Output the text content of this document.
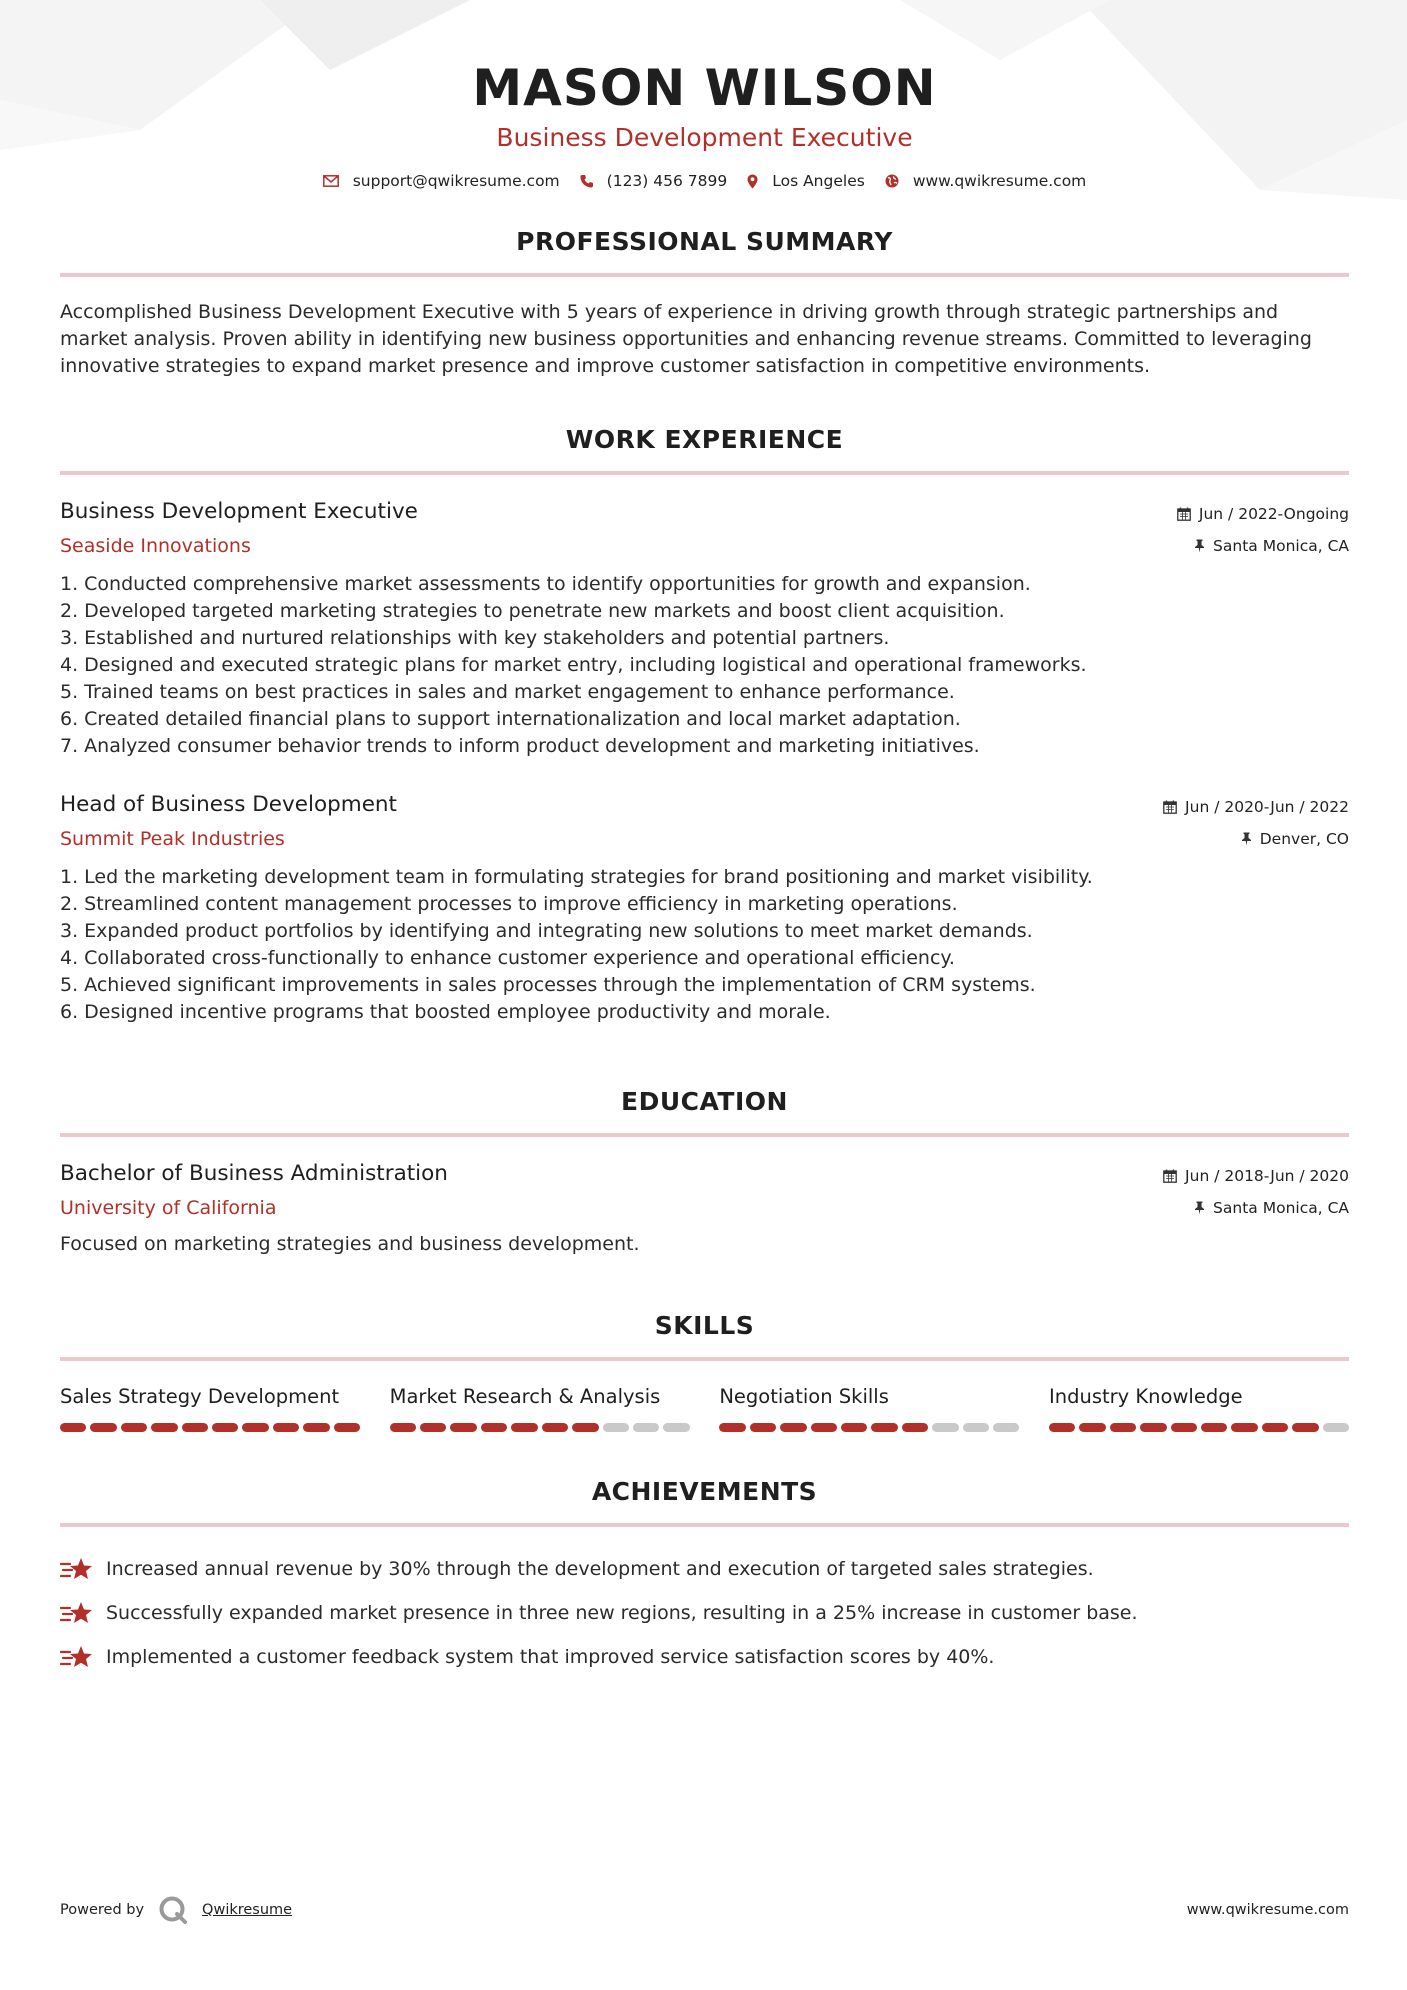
MASON WILSON
Business Development Executive
support@qwikresume.com	(123) 456 7899	Los Angeles	www.qwikresume.com
PROFESSIONAL SUMMARY

Accomplished Business Development Executive with 5 years of experience in driving growth through strategic partnerships and market analysis. Proven ability in identifying new business opportunities and enhancing revenue streams. Committed to leveraging innovative strategies to expand market presence and improve customer satisfaction in competitive environments.

WORK EXPERIENCE
Business Development Executive
Seaside Innovations
Jun / 2022-Ongoing
Santa Monica, CA
1. Conducted comprehensive market assessments to identify opportunities for growth and expansion.
2. Developed targeted marketing strategies to penetrate new markets and boost client acquisition.
3. Established and nurtured relationships with key stakeholders and potential partners.
4. Designed and executed strategic plans for market entry, including logistical and operational frameworks.
5. Trained teams on best practices in sales and market engagement to enhance performance.
6. Created detailed financial plans to support internationalization and local market adaptation.
7. Analyzed consumer behavior trends to inform product development and marketing initiatives.
Head of Business Development
Summit Peak Industries
Jun / 2020-Jun / 2022
Denver, CO
1. Led the marketing development team in formulating strategies for brand positioning and market visibility.
2. Streamlined content management processes to improve efficiency in marketing operations.
3. Expanded product portfolios by identifying and integrating new solutions to meet market demands.
4. Collaborated cross-functionally to enhance customer experience and operational efficiency.
5. Achieved significant improvements in sales processes through the implementation of CRM systems.
6. Designed incentive programs that boosted employee productivity and morale.
EDUCATION
Bachelor of Business Administration
University of California
Jun / 2018-Jun / 2020
Santa Monica, CA

Focused on marketing strategies and business development.

SKILLS
Sales Strategy Development	Market Research & Analysis	Negotiation Skills	Industry Knowledge
ACHIEVEMENTS
Increased annual revenue by 30% through the development and execution of targeted sales strategies.
Successfully expanded market presence in three new regions, resulting in a 25% increase in customer base.
Implemented a customer feedback system that improved service satisfaction scores by 40%.
Powered by	Qwikresume	www.qwikresume.com
